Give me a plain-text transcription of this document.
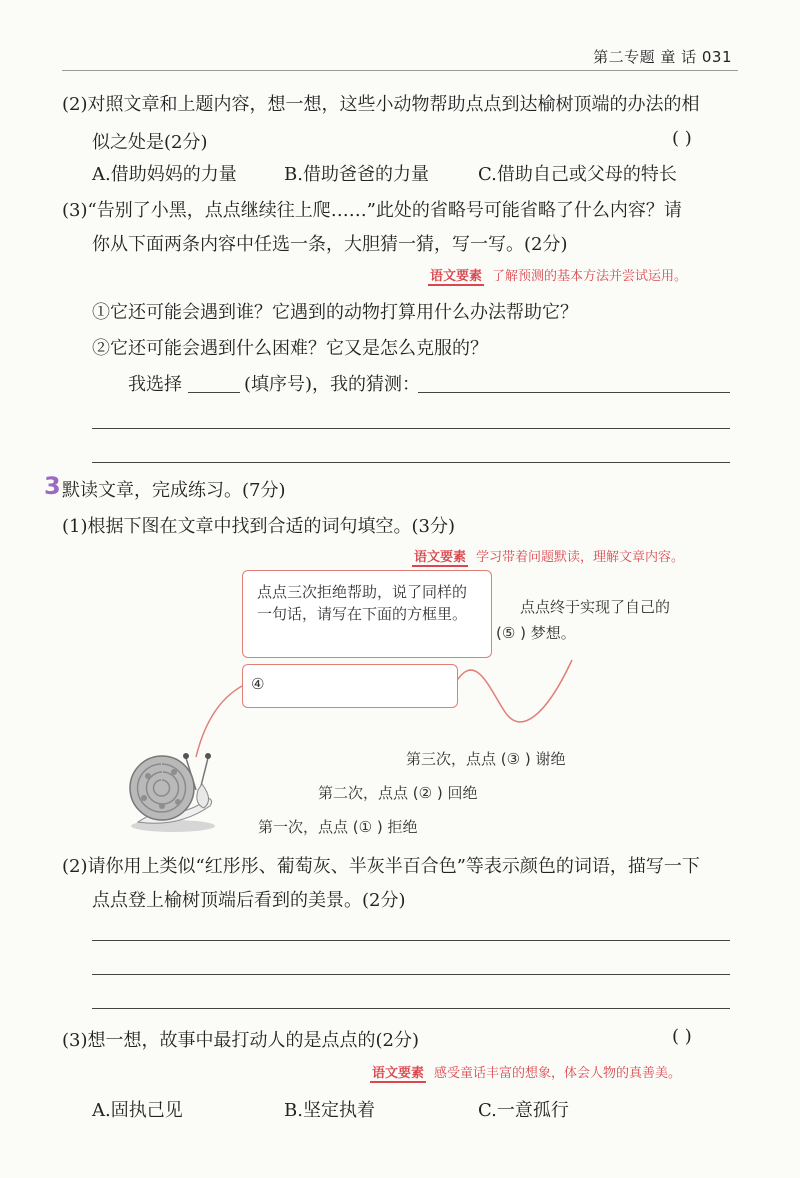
第二专题 童 话 031
(2)对照文章和上题内容，想一想，这些小动物帮助点点到达榆树顶端的办法的相
似之处是(2分)	( )
A.借助妈妈的力量	B.借助爸爸的力量	C.借助自己或父母的特长
(3)“告别了小黑，点点继续往上爬……”此处的省略号可能省略了什么内容？请
你从下面两条内容中任选一条，大胆猜一猜，写一写。(2分)
语文要素 了解预测的基本方法并尝试运用。
①它还可能会遇到谁？它遇到的动物打算用什么办法帮助它？
②它还可能会遇到什么困难？它又是怎么克服的？
我选择	(填序号)，我的猜测：
3 默读文章，完成练习。(7分)
(1)根据下图在文章中找到合适的词句填空。(3分)
语文要素 学习带着问题默读，理解文章内容。
点点三次拒绝帮助，说了同样的一句话，请写在下面的方框里。	点点终于实现了自己的
(⑤ ) 梦想。
④
第三次，点点 (③ ) 谢绝
第二次，点点 (② ) 回绝
第一次，点点 (① ) 拒绝
(2)请你用上类似“红彤彤、葡萄灰、半灰半百合色”等表示颜色的词语，描写一下
点点登上榆树顶端后看到的美景。(2分)
(3)想一想，故事中最打动人的是点点的(2分)	( )
语文要素 感受童话丰富的想象，体会人物的真善美。
A.固执己见	B.坚定执着	C.一意孤行
